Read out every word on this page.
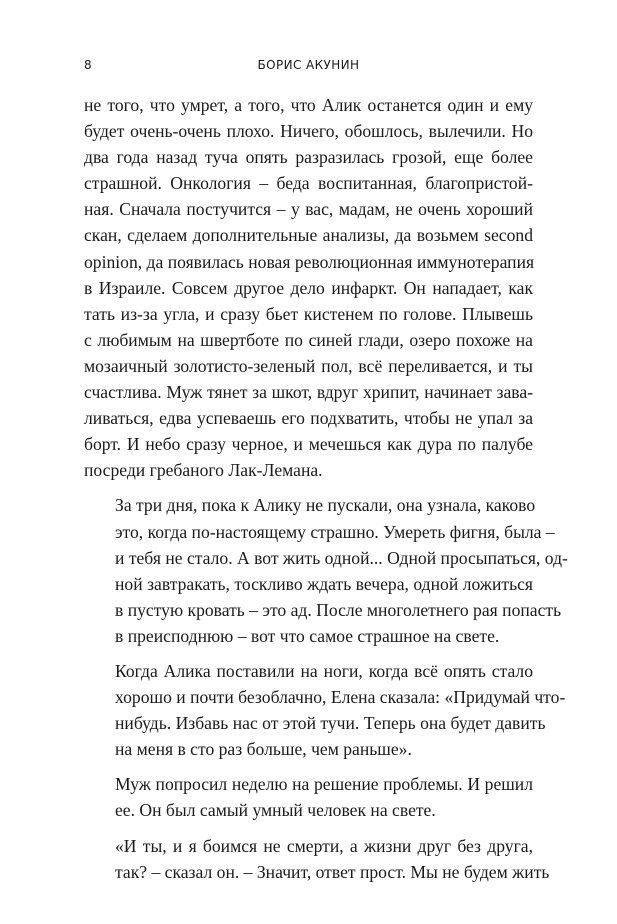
8	БОРИС АКУНИН

не того, что умрет, а того, что Алик останется один и ему
будет очень-очень плохо. Ничего, обошлось, вылечили. Но
два года назад туча опять разразилась грозой, еще более
страшной. Онкология – беда воспитанная, благопристой-
ная. Сначала постучится – у вас, мадам, не очень хороший
скан, сделаем дополнительные анализы, да возьмем second
opinion, да появилась новая революционная иммунотерапия
в Израиле. Совсем другое дело инфаркт. Он нападает, как
тать из-за угла, и сразу бьет кистенем по голове. Плывешь
с любимым на швертботе по синей глади, озеро похоже на
мозаичный золотисто-зеленый пол, всё переливается, и ты
счастлива. Муж тянет за шкот, вдруг хрипит, начинает зава-
ливаться, едва успеваешь его подхватить, чтобы не упал за
борт. И небо сразу черное, и мечешься как дура по палубе
посреди гребаного Лак-Лемана.

За три дня, пока к Алику не пускали, она узнала, каково
это, когда по-настоящему страшно. Умереть фигня, была –
и тебя не стало. А вот жить одной... Одной просыпаться, од-
ной завтракать, тоскливо ждать вечера, одной ложиться
в пустую кровать – это ад. После многолетнего рая попасть
в преисподнюю – вот что самое страшное на свете.

Когда Алика поставили на ноги, когда всё опять стало
хорошо и почти безоблачно, Елена сказала: «Придумай что-
нибудь. Избавь нас от этой тучи. Теперь она будет давить
на меня в сто раз больше, чем раньше».

Муж попросил неделю на решение проблемы. И решил
ее. Он был самый умный человек на свете.

«И ты, и я боимся не смерти, а жизни друг без друга,
так? – сказал он. – Значит, ответ прост. Мы не будем жить
